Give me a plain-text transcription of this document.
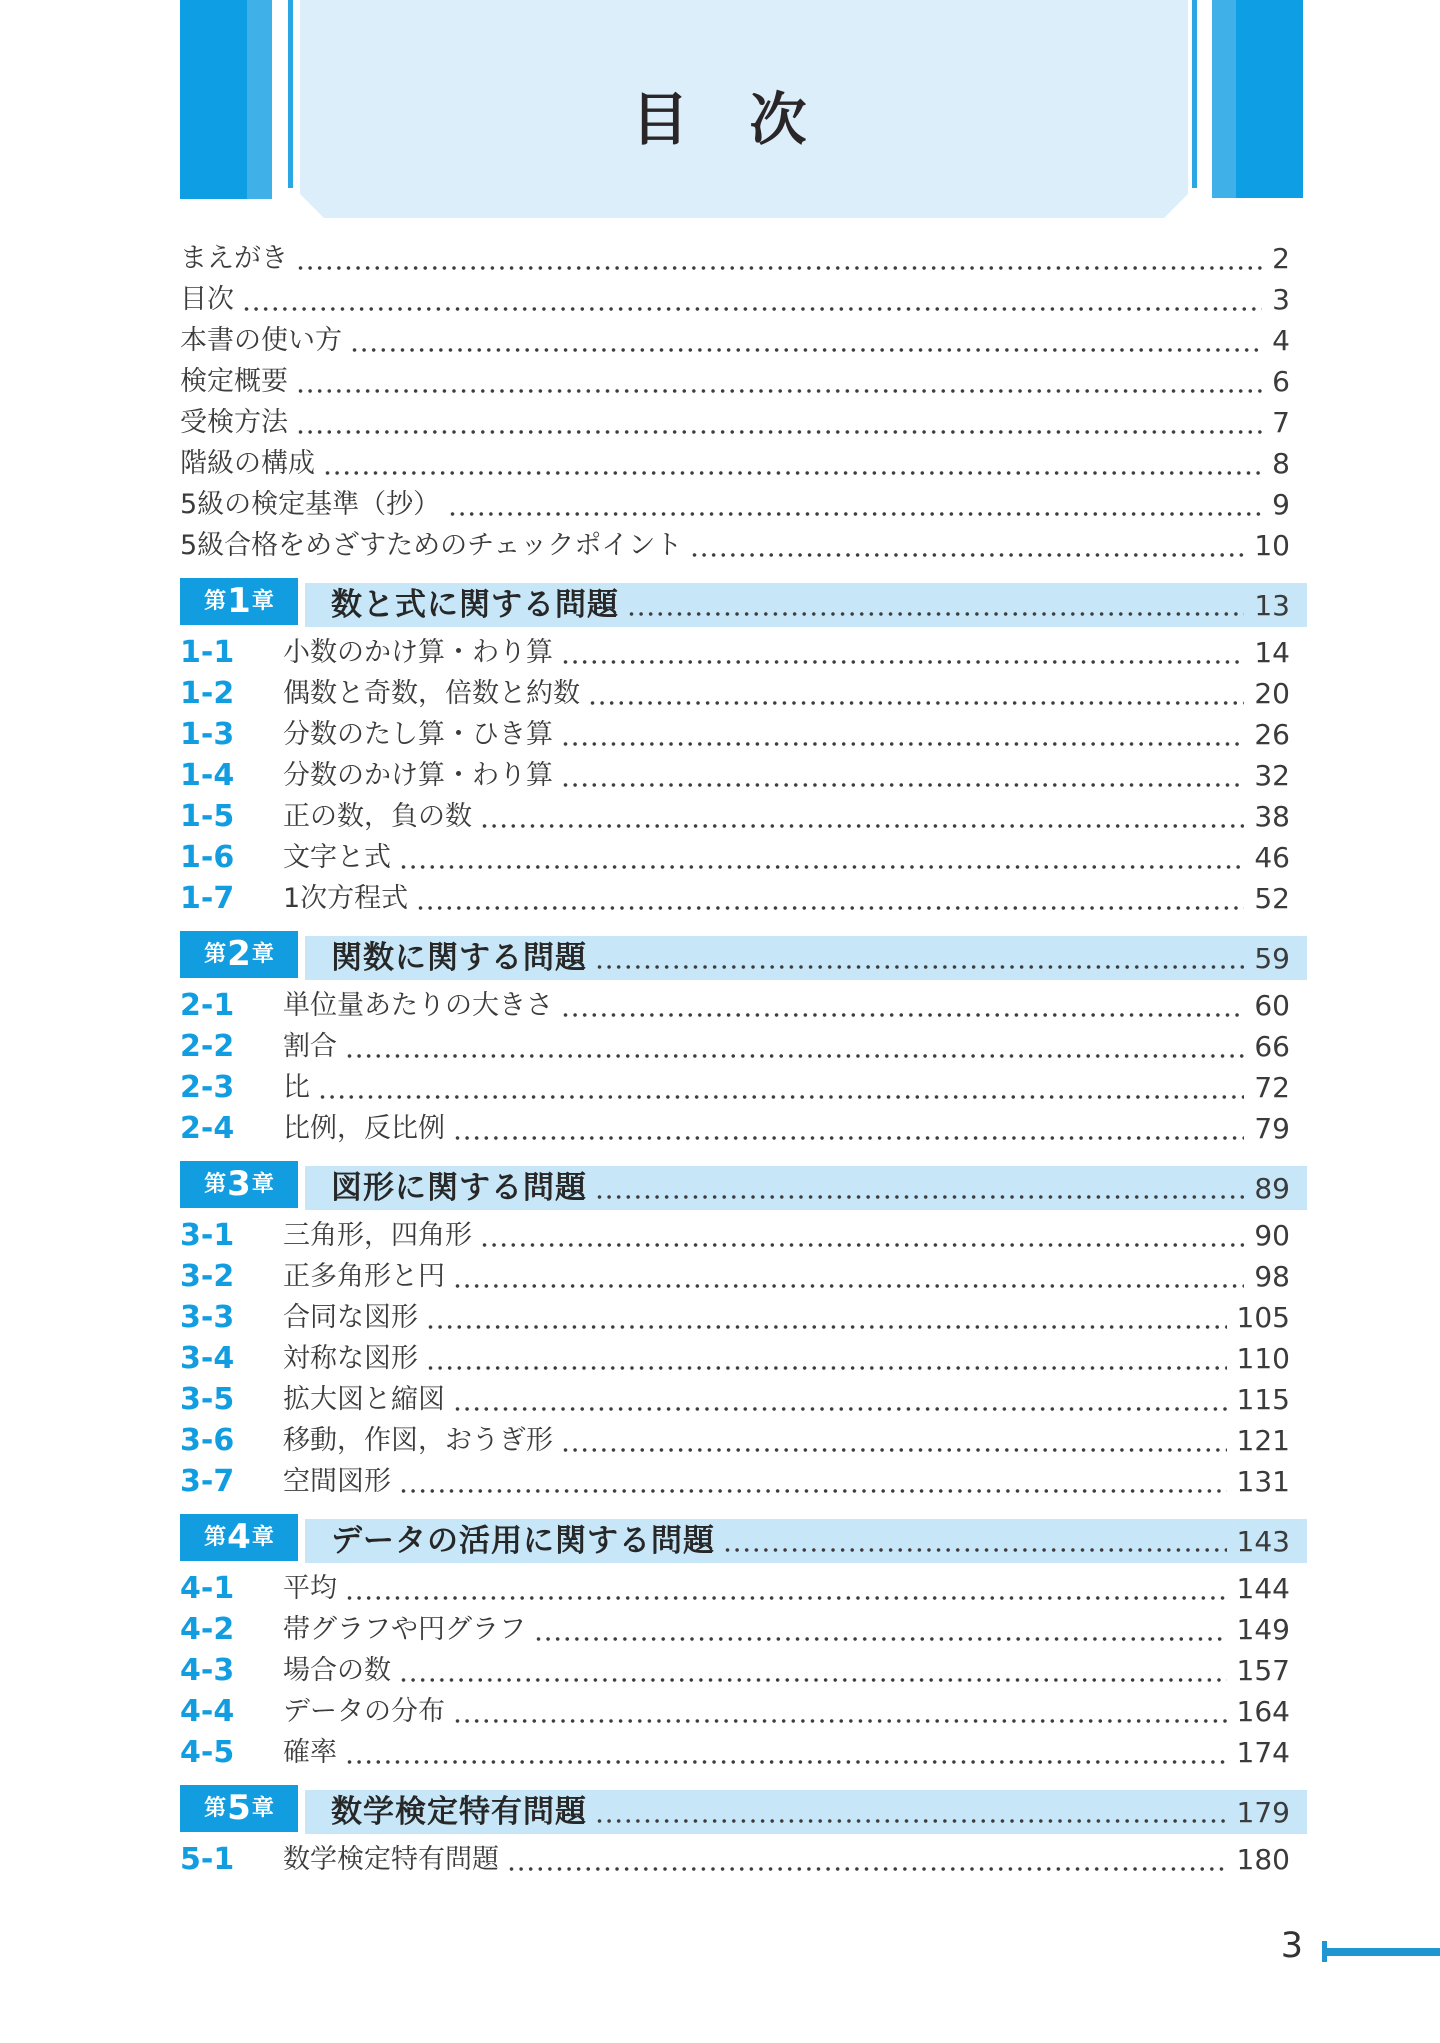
目　次
まえがき	2
目次	3
本書の使い方	4
検定概要	6
受検方法	7
階級の構成	8
5級の検定基準（抄）	9
5級合格をめざすためのチェックポイント	10
第 1 章 数と式に関する問題	13
1-1	小数のかけ算・わり算	14
1-2	偶数と奇数，倍数と約数	20
1-3	分数のたし算・ひき算	26
1-4	分数のかけ算・わり算	32
1-5	正の数，負の数	38
1-6	文字と式	46
1-7	1次方程式	52
第 2 章 関数に関する問題	59
2-1	単位量あたりの大きさ	60
2-2	割合	66
2-3	比	72
2-4	比例，反比例	79
第 3 章 図形に関する問題	89
3-1	三角形，四角形	90
3-2	正多角形と円	98
3-3	合同な図形	105
3-4	対称な図形	110
3-5	拡大図と縮図	115
3-6	移動，作図，おうぎ形	121
3-7	空間図形	131
第 4 章 データの活用に関する問題	143
4-1	平均	144
4-2	帯グラフや円グラフ	149
4-3	場合の数	157
4-4	データの分布	164
4-5	確率	174
第 5 章 数学検定特有問題	179
5-1	数学検定特有問題	180
3
